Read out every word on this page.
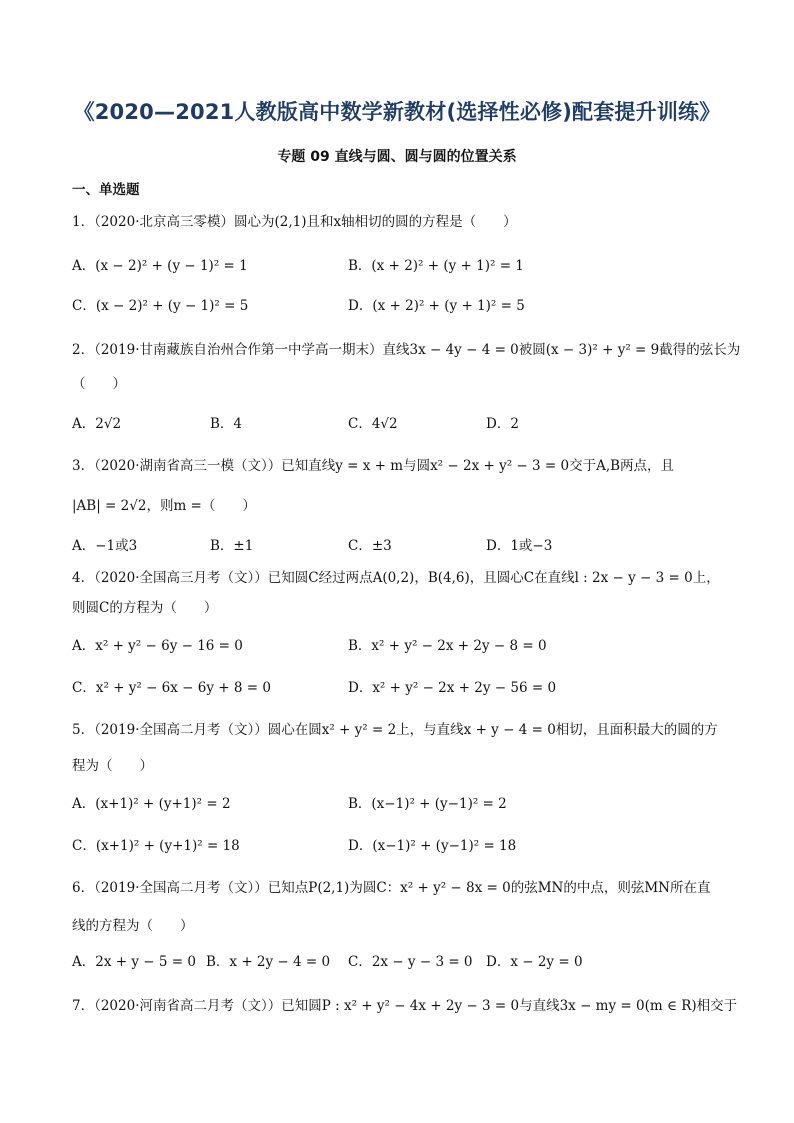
《2020—2021人教版高中数学新教材(选择性必修)配套提升训练》
专题 09 直线与圆、圆与圆的位置关系
一、单选题
1．（2020·北京高三零模）圆心为(2,1)且和x轴相切的圆的方程是（　　）
A．(x − 2)² + (y − 1)² = 1	B．(x + 2)² + (y + 1)² = 1
C．(x − 2)² + (y − 1)² = 5	D．(x + 2)² + (y + 1)² = 5
2．（2019·甘南藏族自治州合作第一中学高一期末）直线3x − 4y − 4 = 0被圆(x − 3)² + y² = 9截得的弦长为
（　　）
A．2√2	B．4	C．4√2	D．2
3．（2020·湖南省高三一模（文））已知直线y = x + m与圆x² − 2x + y² − 3 = 0交于A,B两点，且
|AB| = 2√2，则m =（　　）
A．−1或3	B．±1	C．±3	D．1或−3
4．（2020·全国高三月考（文））已知圆C经过两点A(0,2)，B(4,6)，且圆心C在直线l : 2x − y − 3 = 0上，
则圆C的方程为（　　）
A．x² + y² − 6y − 16 = 0	B．x² + y² − 2x + 2y − 8 = 0
C．x² + y² − 6x − 6y + 8 = 0	D．x² + y² − 2x + 2y − 56 = 0
5．（2019·全国高二月考（文））圆心在圆x² + y² = 2上，与直线x + y − 4 = 0相切，且面积最大的圆的方
程为（　　）
A．(x+1)² + (y+1)² = 2	B．(x−1)² + (y−1)² = 2
C．(x+1)² + (y+1)² = 18	D．(x−1)² + (y−1)² = 18
6．（2019·全国高二月考（文））已知点P(2,1)为圆C：x² + y² − 8x = 0的弦MN的中点，则弦MN所在直
线的方程为（　　）
A．2x + y − 5 = 0 B．x + 2y − 4 = 0 C．2x − y − 3 = 0 D．x − 2y = 0
7．（2020·河南省高二月考（文））已知圆P : x² + y² − 4x + 2y − 3 = 0与直线3x − my = 0(m ∈ R)相交于
